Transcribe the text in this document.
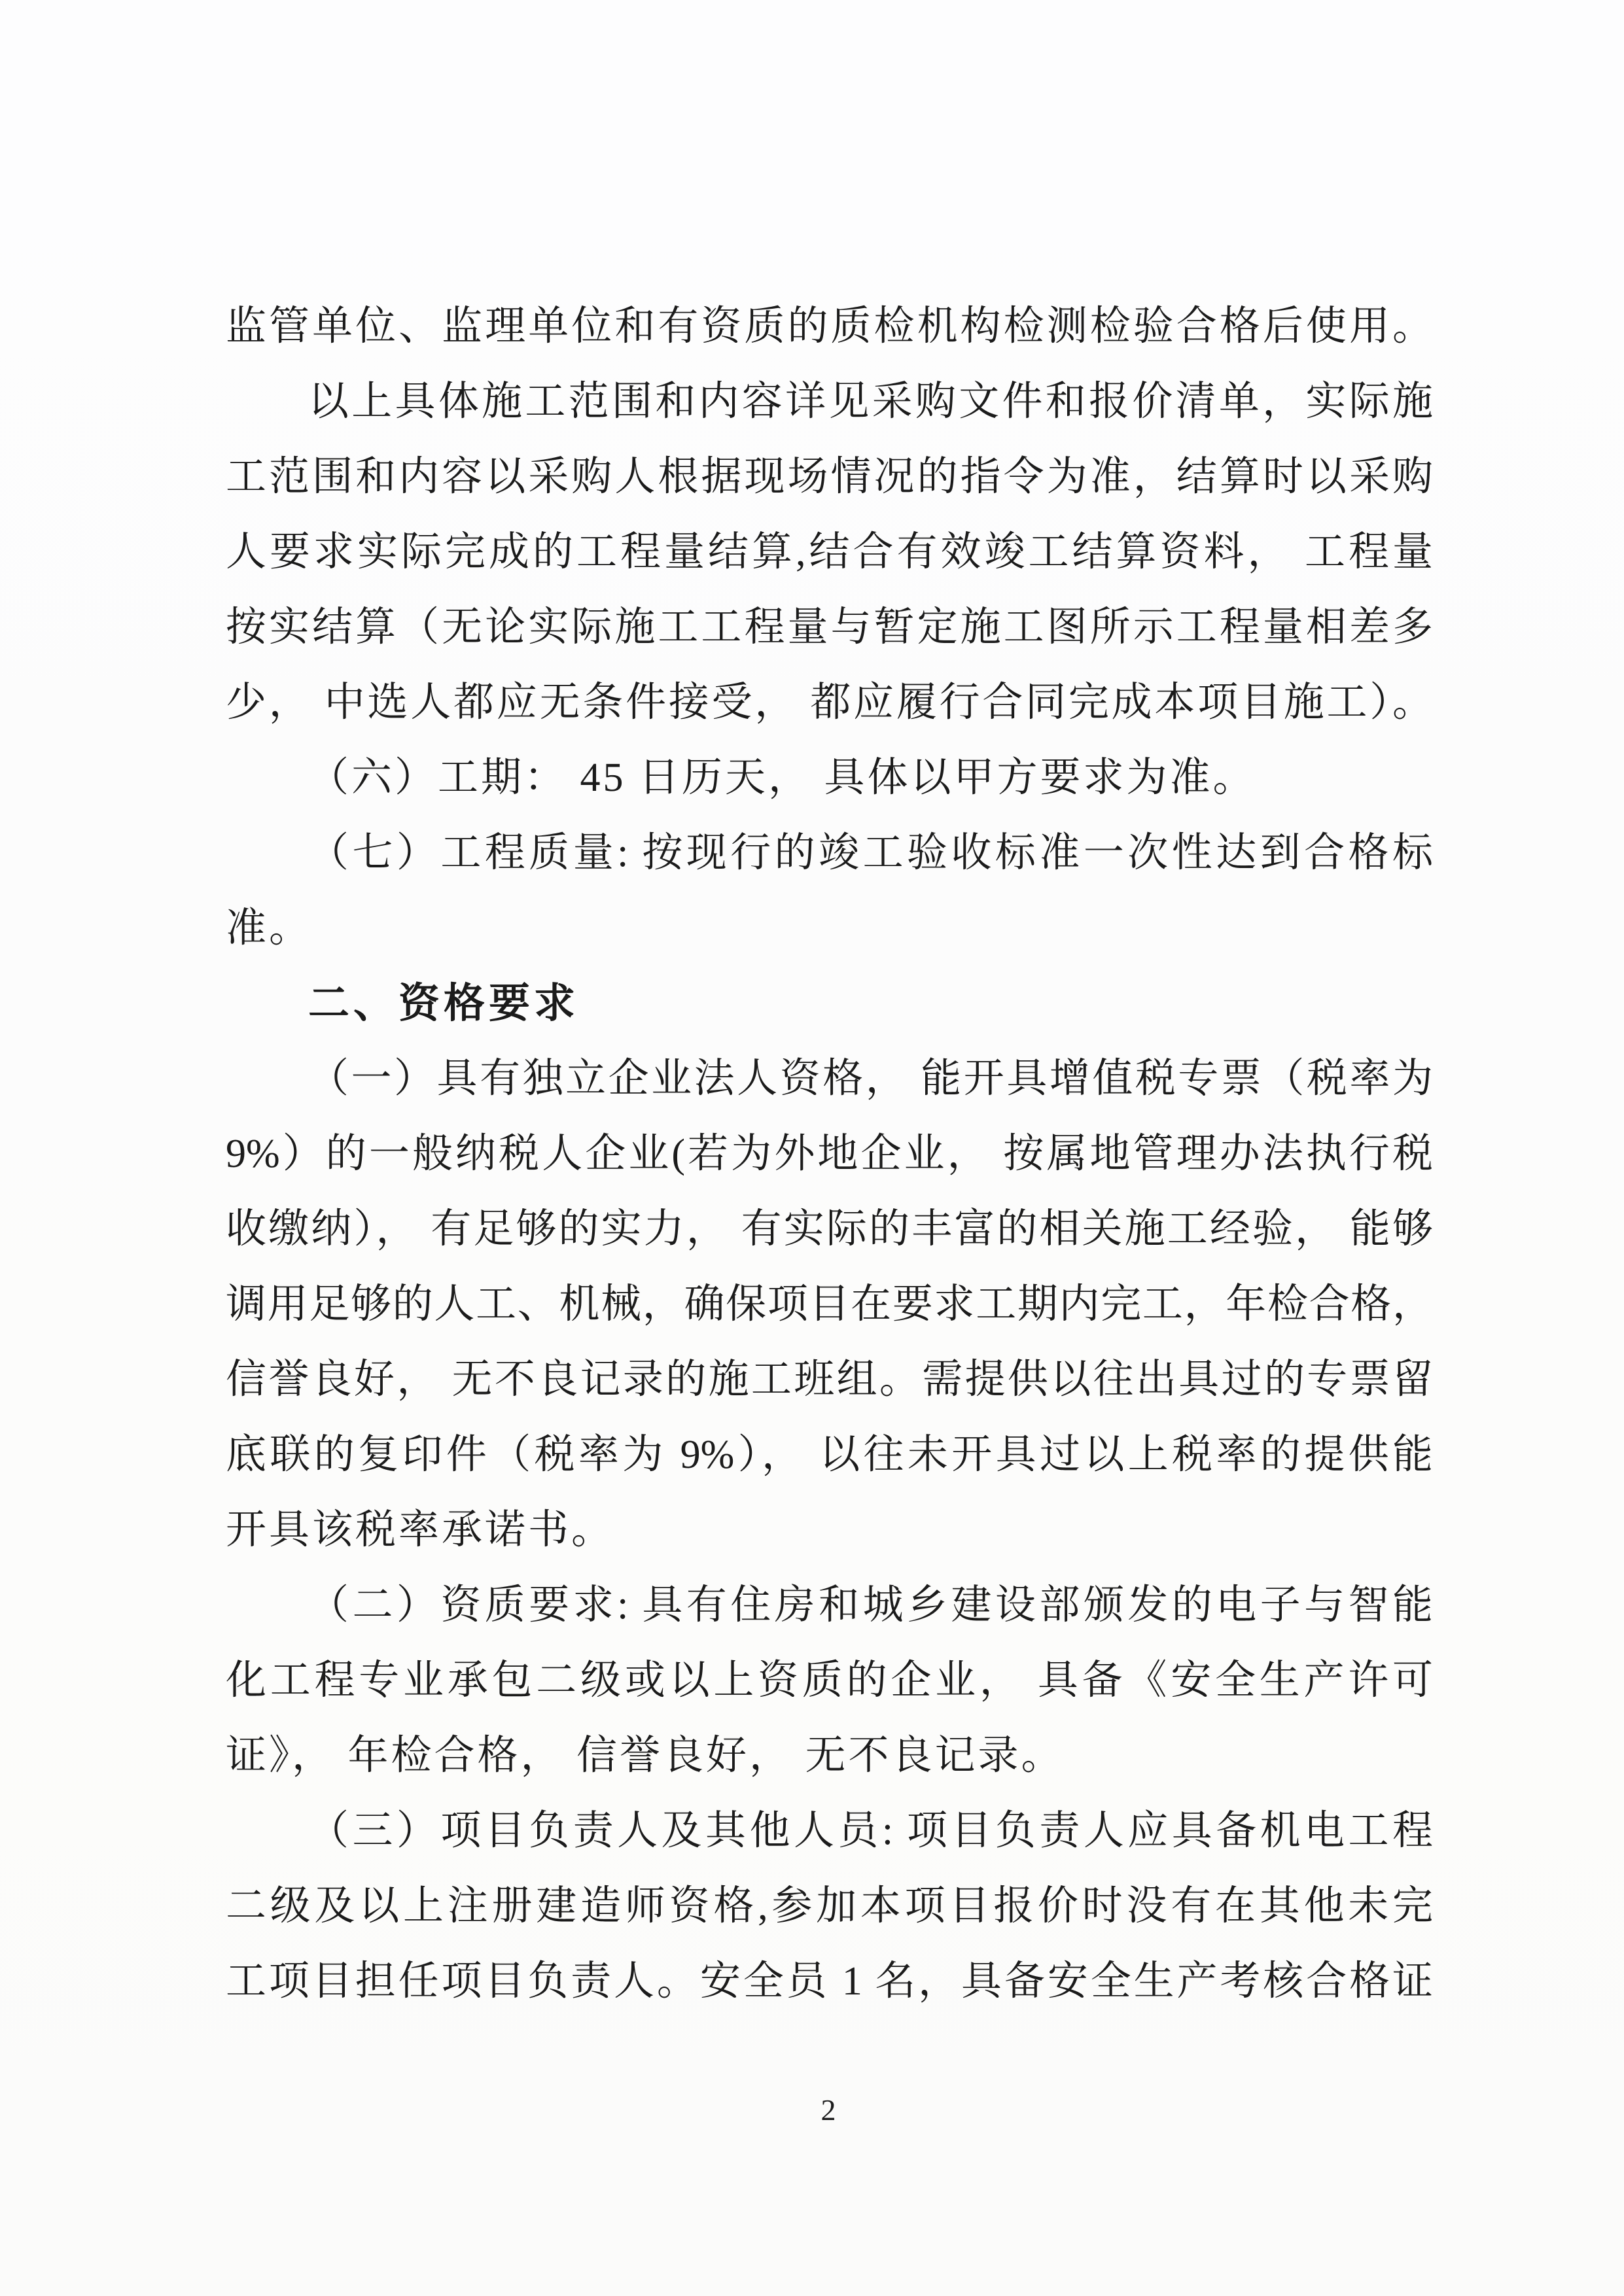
监管单位、监理单位和有资质的质检机构检测检验合格后使用。
以上具体施工范围和内容详见采购文件和报价清单，实际施
工范围和内容以采购人根据现场情况的指令为准，结算时以采购
人要求实际完成的工程量结算,结合有效竣工结算资料， 工程量
按实结算（无论实际施工工程量与暂定施工图所示工程量相差多
少， 中选人都应无条件接受， 都应履行合同完成本项目施工）。
（六）工期： 45 日历天， 具体以甲方要求为准。
（七）工程质量: 按现行的竣工验收标准一次性达到合格标
准。
二、资格要求
（一）具有独立企业法人资格， 能开具增值税专票（税率为
9%）的一般纳税人企业(若为外地企业， 按属地管理办法执行税
收缴纳）， 有足够的实力， 有实际的丰富的相关施工经验， 能够
调用足够的人工、机械，确保项目在要求工期内完工，年检合格，
信誉良好， 无不良记录的施工班组。需提供以往出具过的专票留
底联的复印件（税率为 9%）， 以往未开具过以上税率的提供能
开具该税率承诺书。
（二）资质要求: 具有住房和城乡建设部颁发的电子与智能
化工程专业承包二级或以上资质的企业， 具备《安全生产许可
证》， 年检合格， 信誉良好， 无不良记录。
（三）项目负责人及其他人员: 项目负责人应具备机电工程
二级及以上注册建造师资格,参加本项目报价时没有在其他未完
工项目担任项目负责人。安全员 1 名，具备安全生产考核合格证
2
